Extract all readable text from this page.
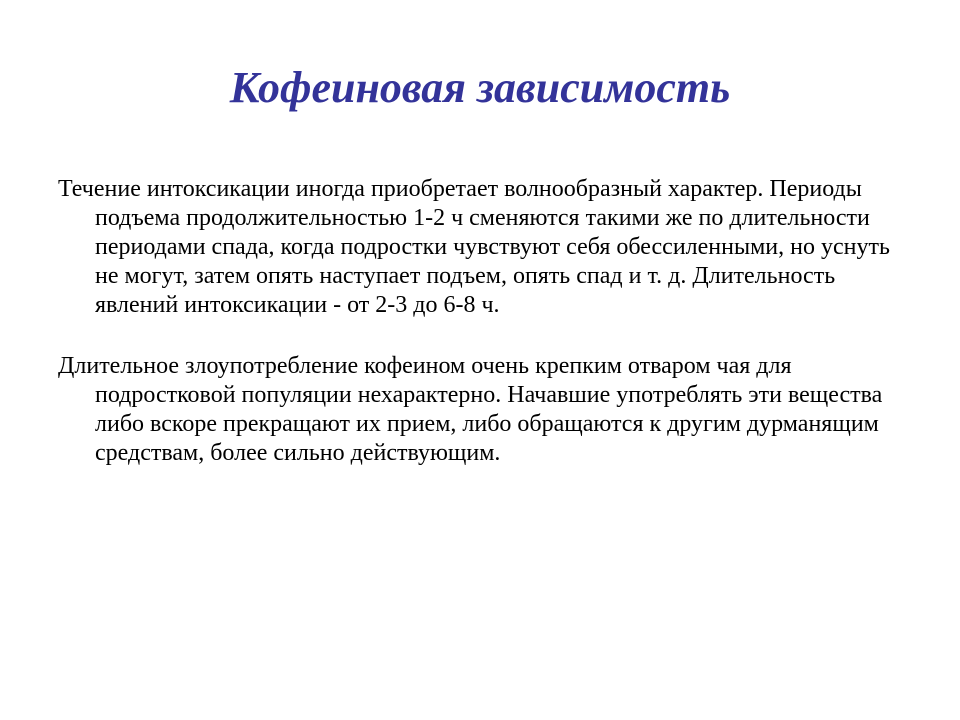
Кофеиновая зависимость

Течение интоксикации иногда приобретает волнообразный характер. Периоды подъема продолжительностью 1-2 ч сменяются такими же по длительности периодами спада, когда подростки чувствуют себя обессиленными, но уснуть не могут, затем опять наступает подъем, опять спад и т. д. Длительность явлений интоксикации - от 2-3 до 6-8 ч.

Длительное злоупотребление кофеином очень крепким отваром чая для подростковой популяции нехарактерно. Начавшие употреблять эти вещества либо вскоре прекращают их прием, либо обращаются к другим дурманящим средствам, более сильно действующим.
